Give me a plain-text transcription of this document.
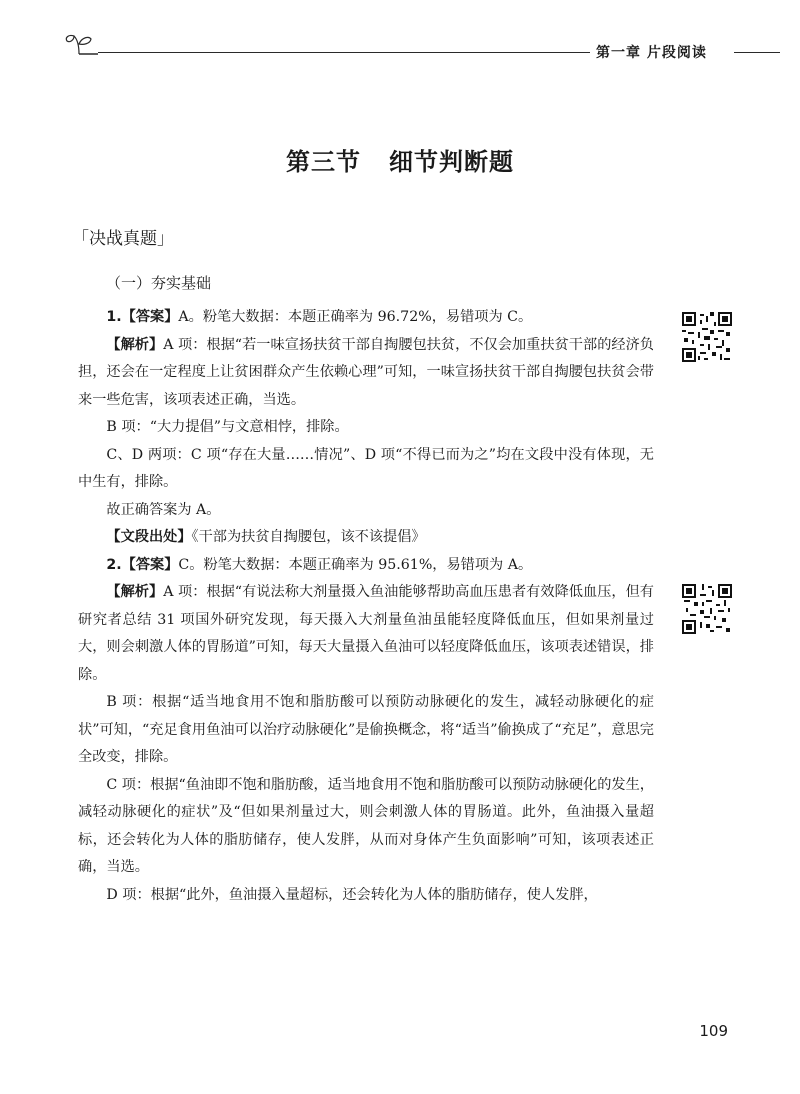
第一章 片段阅读
第三节 细节判断题
「决战真题」
（一）夯实基础

1.【答案】A。粉笔大数据：本题正确率为 96.72%，易错项为 C。

【解析】A 项：根据“若一味宣扬扶贫干部自掏腰包扶贫，不仅会加重扶贫干部的经济负担，还会在一定程度上让贫困群众产生依赖心理”可知，一味宣扬扶贫干部自掏腰包扶贫会带来一些危害，该项表述正确，当选。

B 项：“大力提倡”与文意相悖，排除。

C、D 两项：C 项“存在大量……情况”、D 项“不得已而为之”均在文段中没有体现，无中生有，排除。

故正确答案为 A。

【文段出处】《干部为扶贫自掏腰包，该不该提倡》

2.【答案】C。粉笔大数据：本题正确率为 95.61%，易错项为 A。

【解析】A 项：根据“有说法称大剂量摄入鱼油能够帮助高血压患者有效降低血压，但有研究者总结 31 项国外研究发现，每天摄入大剂量鱼油虽能轻度降低血压，但如果剂量过大，则会刺激人体的胃肠道”可知，每天大量摄入鱼油可以轻度降低血压，该项表述错误，排除。

B 项：根据“适当地食用不饱和脂肪酸可以预防动脉硬化的发生，减轻动脉硬化的症状”可知，“充足食用鱼油可以治疗动脉硬化”是偷换概念，将“适当”偷换成了“充足”，意思完全改变，排除。

C 项：根据“鱼油即不饱和脂肪酸，适当地食用不饱和脂肪酸可以预防动脉硬化的发生，减轻动脉硬化的症状”及“但如果剂量过大，则会刺激人体的胃肠道。此外，鱼油摄入量超标，还会转化为人体的脂肪储存，使人发胖，从而对身体产生负面影响”可知，该项表述正确，当选。

D 项：根据“此外，鱼油摄入量超标，还会转化为人体的脂肪储存，使人发胖，

109
